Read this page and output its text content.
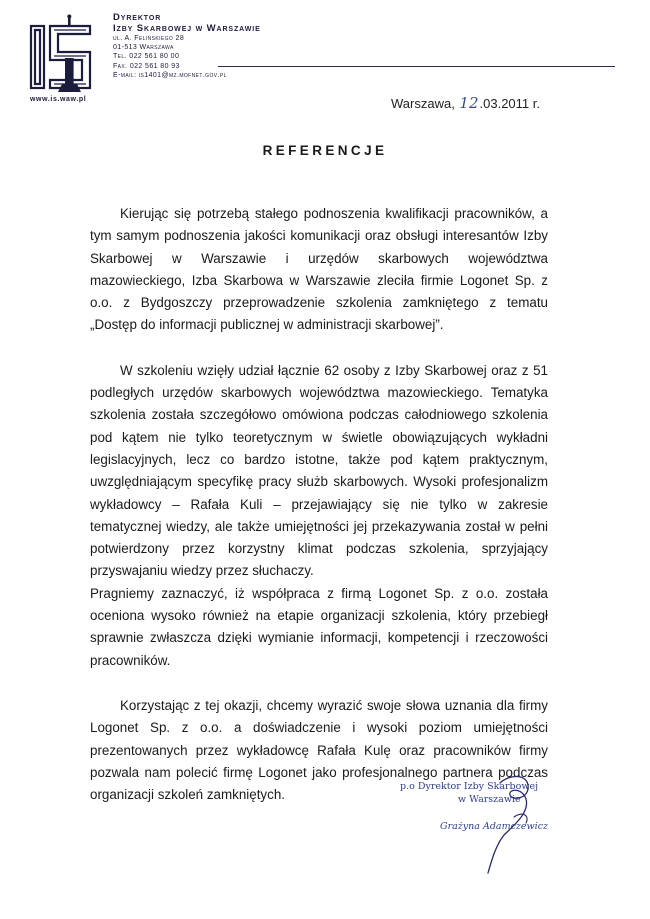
is
www.is.waw.pl
Dyrektor
Izby Skarbowej w Warszawie
ul. A. Felińskiego 28
01-513 Warszawa
Tel. 022 561 80 00
Fax. 022 561 80 93
E-mail: is1401@mz.mofnet.gov.pl
Warszawa, 12.03.2011 r.
REFERENCJE

Kierując się potrzebą stałego podnoszenia kwalifikacji pracowników, a tym samym podnoszenia jakości komunikacji oraz obsługi interesantów Izby Skarbowej w Warszawie i urzędów skarbowych województwa mazowieckiego, Izba Skarbowa w Warszawie zleciła firmie Logonet Sp. z o.o. z Bydgoszczy przeprowadzenie szkolenia zamkniętego z tematu „Dostęp do informacji publicznej w administracji skarbowej”.

W szkoleniu wzięły udział łącznie 62 osoby z Izby Skarbowej oraz z 51 podległych urzędów skarbowych województwa mazowieckiego. Tematyka szkolenia została szczegółowo omówiona podczas całodniowego szkolenia pod kątem nie tylko teoretycznym w świetle obowiązujących wykładni legislacyjnych, lecz co bardzo istotne, także pod kątem praktycznym, uwzględniającym specyfikę pracy służb skarbowych. Wysoki profesjonalizm wykładowcy – Rafała Kuli – przejawiający się nie tylko w zakresie tematycznej wiedzy, ale także umiejętności jej przekazywania został w pełni potwierdzony przez korzystny klimat podczas szkolenia, sprzyjający przyswajaniu wiedzy przez słuchaczy.

Pragniemy zaznaczyć, iż współpraca z firmą Logonet Sp. z o.o. została oceniona wysoko również na etapie organizacji szkolenia, który przebiegł sprawnie zwłaszcza dzięki wymianie informacji, kompetencji i rzeczowości pracowników.

Korzystając z tej okazji, chcemy wyrazić swoje słowa uznania dla firmy Logonet Sp. z o.o. a doświadczenie i wysoki poziom umiejętności prezentowanych przez wykładowcę Rafała Kulę oraz pracowników firmy pozwala nam polecić firmę Logonet jako profesjonalnego partnera podczas organizacji szkoleń zamkniętych.

p.o Dyrektor Izby Skarbowej
w Warszawie
Grażyna Adamczewicz
